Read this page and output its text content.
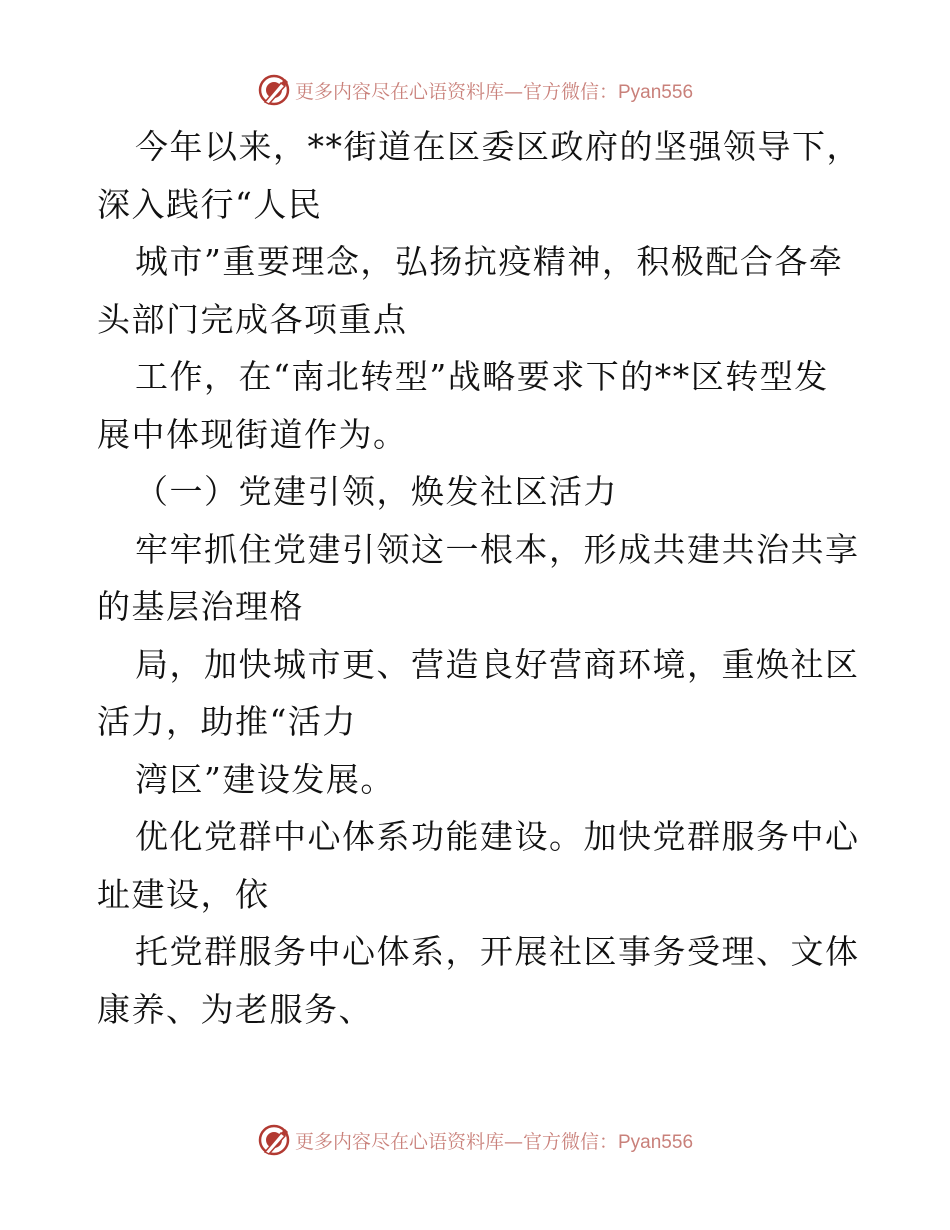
更多内容尽在心语资料库—官方微信：Pyan556
今年以来，**街道在区委区政府的坚强领导下，
深入践行“人民
城市”重要理念，弘扬抗疫精神，积极配合各牵
头部门完成各项重点
工作，在“南北转型”战略要求下的**区转型发
展中体现街道作为。
（一）党建引领，焕发社区活力
牢牢抓住党建引领这一根本，形成共建共治共享
的基层治理格
局，加快城市更、营造良好营商环境，重焕社区
活力，助推“活力
湾区”建设发展。
优化党群中心体系功能建设。加快党群服务中心
址建设，依
托党群服务中心体系，开展社区事务受理、文体
康养、为老服务、
更多内容尽在心语资料库—官方微信：Pyan556
